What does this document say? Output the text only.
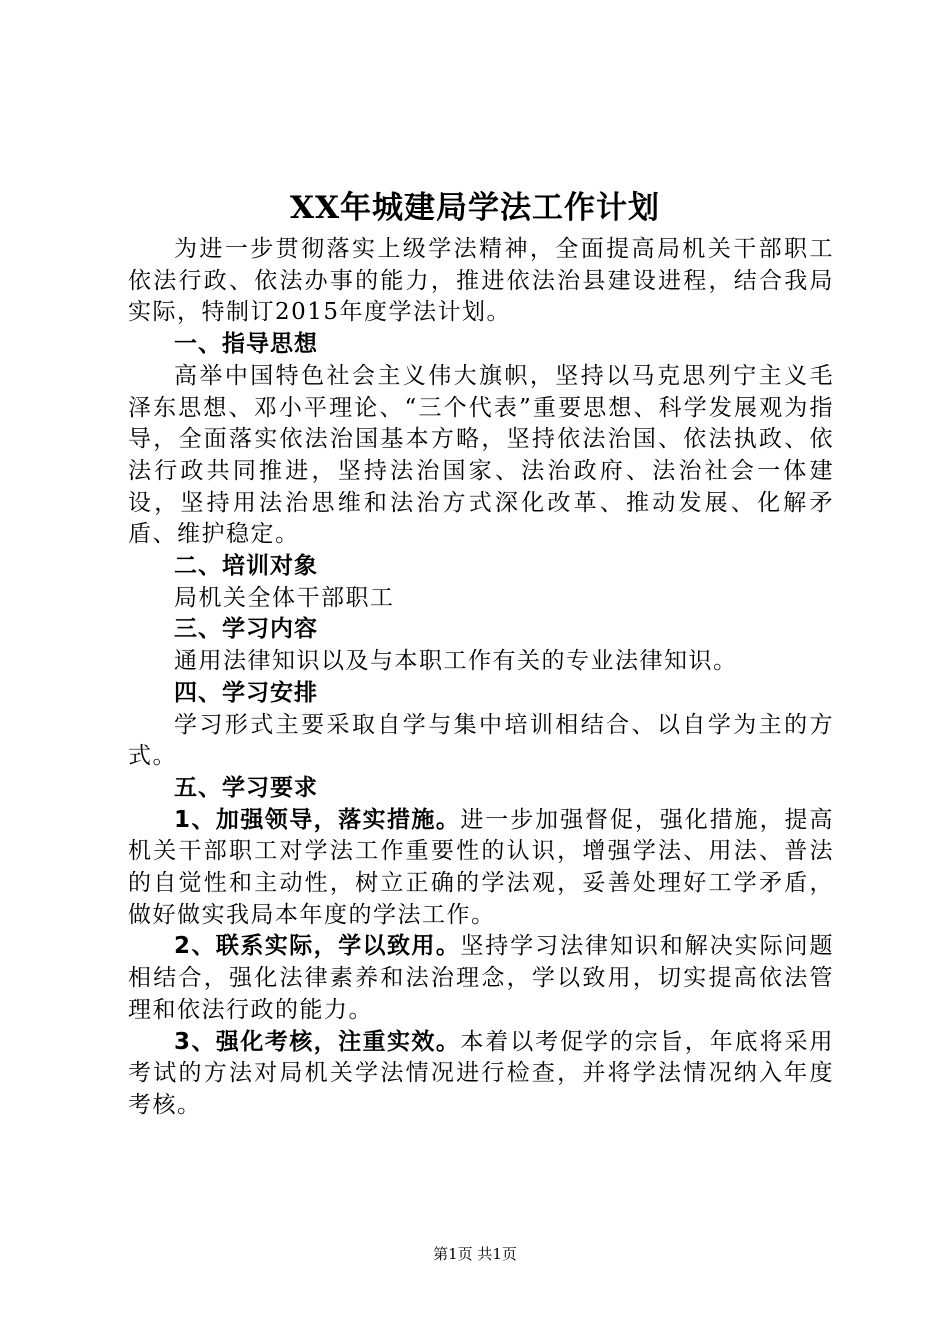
XX年城建局学法工作计划

为进一步贯彻落实上级学法精神，全面提高局机关干部职工依法行政、依法办事的能力，推进依法治县建设进程，结合我局实际，特制订2015年度学法计划。

一、指导思想

高举中国特色社会主义伟大旗帜，坚持以马克思列宁主义毛泽东思想、邓小平理论、“三个代表”重要思想、科学发展观为指导，全面落实依法治国基本方略，坚持依法治国、依法执政、依法行政共同推进，坚持法治国家、法治政府、法治社会一体建设，坚持用法治思维和法治方式深化改革、推动发展、化解矛盾、维护稳定。

二、培训对象

局机关全体干部职工

三、学习内容

通用法律知识以及与本职工作有关的专业法律知识。

四、学习安排

学习形式主要采取自学与集中培训相结合、以自学为主的方式。

五、学习要求

1、加强领导，落实措施。进一步加强督促，强化措施，提高机关干部职工对学法工作重要性的认识，增强学法、用法、普法的自觉性和主动性，树立正确的学法观，妥善处理好工学矛盾，做好做实我局本年度的学法工作。

2、联系实际，学以致用。坚持学习法律知识和解决实际问题相结合，强化法律素养和法治理念，学以致用，切实提高依法管理和依法行政的能力。

3、强化考核，注重实效。本着以考促学的宗旨，年底将采用考试的方法对局机关学法情况进行检查，并将学法情况纳入年度考核。

第1页 共1页
